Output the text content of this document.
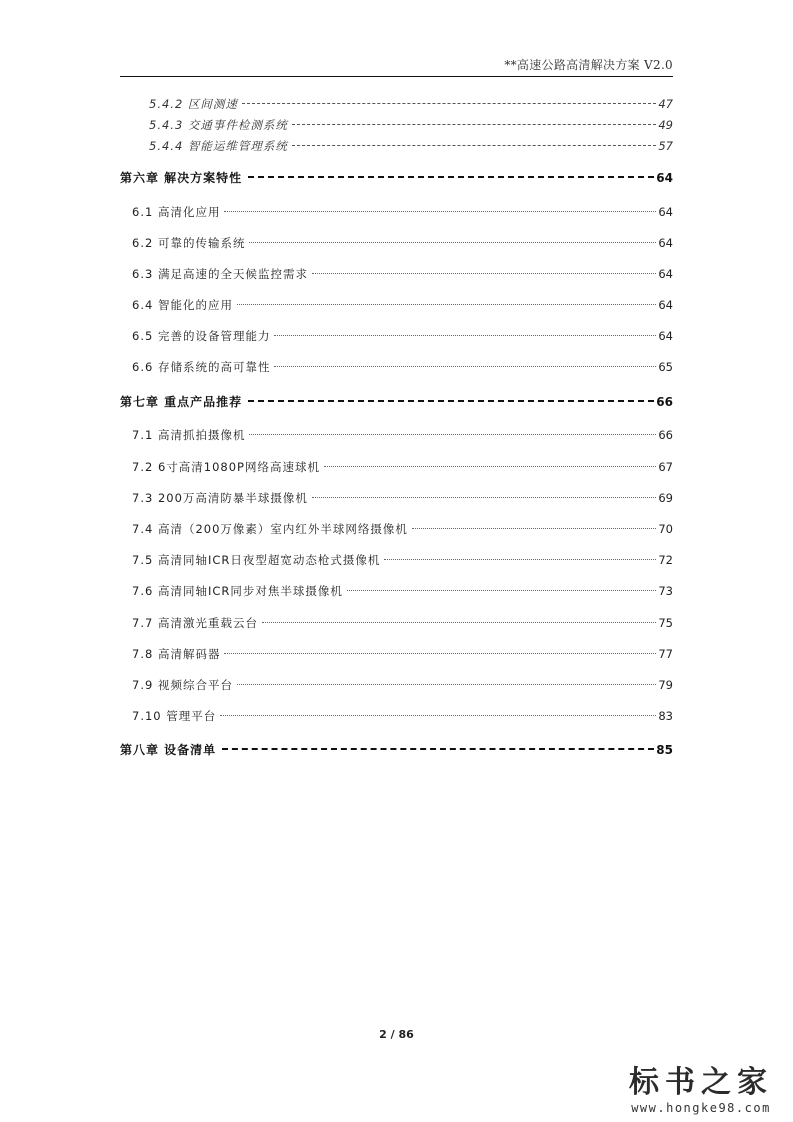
**高速公路高清解决方案 V2.0
5.4.2 区间测速	47
5.4.3 交通事件检测系统	49
5.4.4 智能运维管理系统	57
第六章 解决方案特性	64
6.1 高清化应用	64
6.2 可靠的传输系统	64
6.3 满足高速的全天候监控需求	64
6.4 智能化的应用	64
6.5 完善的设备管理能力	64
6.6 存储系统的高可靠性	65
第七章 重点产品推荐	66
7.1 高清抓拍摄像机	66
7.2 6寸高清1080P网络高速球机	67
7.3 200万高清防暴半球摄像机	69
7.4 高清（200万像素）室内红外半球网络摄像机	70
7.5 高清同轴ICR日夜型超宽动态枪式摄像机	72
7.6 高清同轴ICR同步对焦半球摄像机	73
7.7 高清激光重载云台	75
7.8 高清解码器	77
7.9 视频综合平台	79
7.10 管理平台	83
第八章 设备清单	85
2 / 86
标书之家
www.hongke98.com
